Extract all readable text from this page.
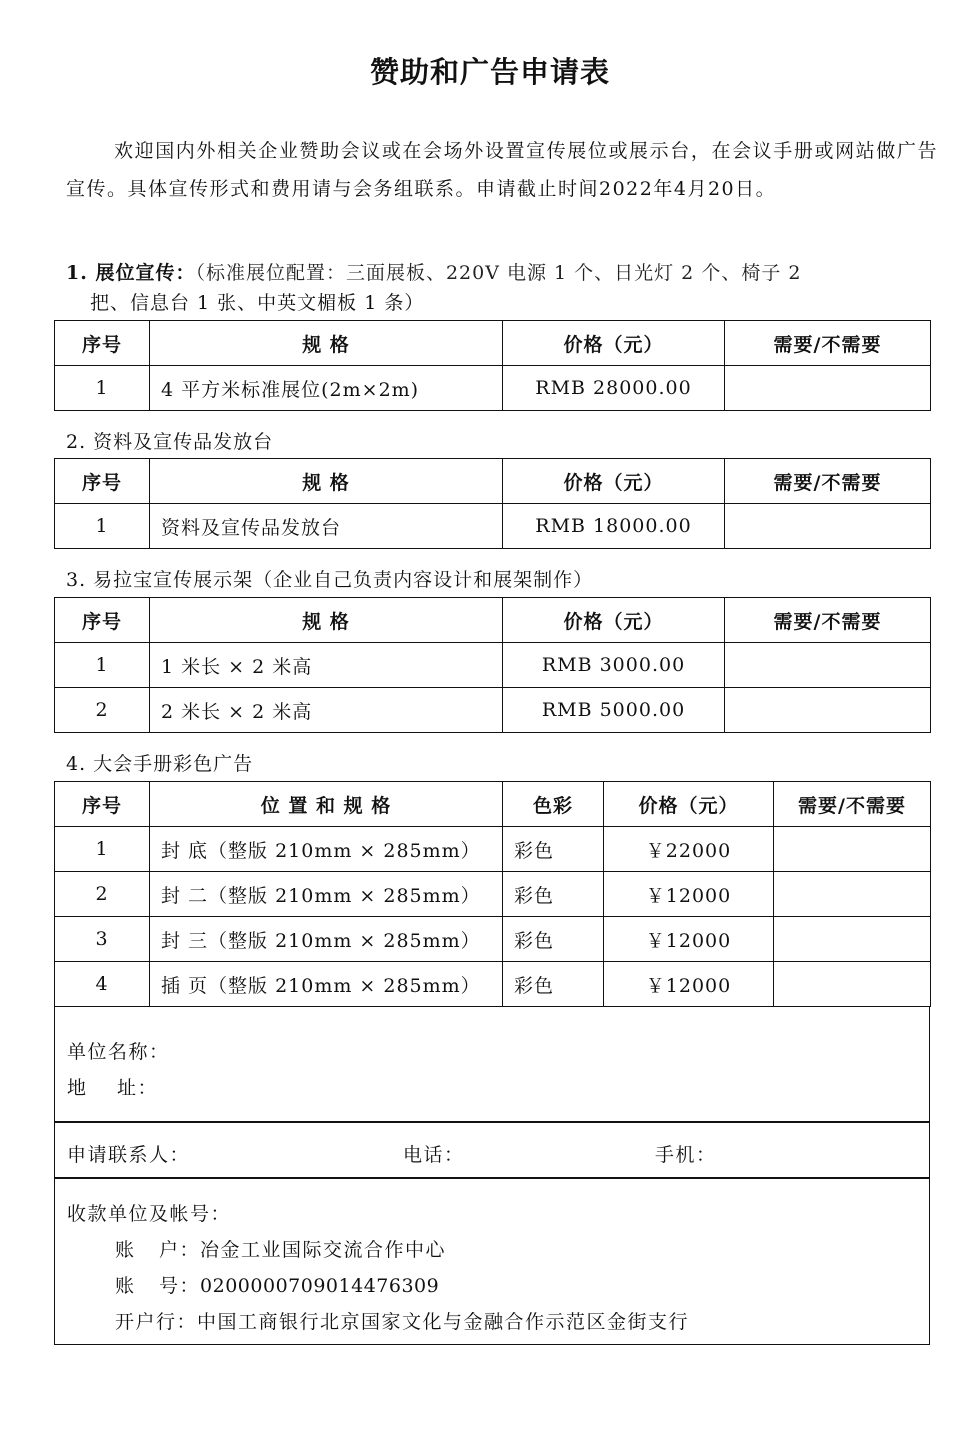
赞助和广告申请表
欢迎国内外相关企业赞助会议或在会场外设置宣传展位或展示台，在会议手册或网站做广告宣传。具体宣传形式和费用请与会务组联系。申请截止时间2022年4月20日。
1. 展位宣传：（标准展位配置：三面展板、220V 电源 1 个、日光灯 2 个、椅子 2
把、信息台 1 张、中英文楣板 1 条）
序号	规 格	价格（元）	需要/不需要
1	4 平方米标准展位(2m×2m)	RMB 28000.00	
2. 资料及宣传品发放台
序号	规 格	价格（元）	需要/不需要
1	资料及宣传品发放台	RMB 18000.00	
3. 易拉宝宣传展示架（企业自己负责内容设计和展架制作）
序号	规 格	价格（元）	需要/不需要
1	1 米长 × 2 米高	RMB 3000.00	
2	2 米长 × 2 米高	RMB 5000.00	
4. 大会手册彩色广告
序号	位 置 和 规 格	色彩	价格（元）	需要/不需要
1	封 底（整版 210mm × 285mm）	彩色	￥22000	
2	封 二（整版 210mm × 285mm）	彩色	￥12000	
3	封 三（整版 210mm × 285mm）	彩色	￥12000	
4	插 页（整版 210mm × 285mm）	彩色	￥12000	
单位名称：
地 址：
申请联系人：	电话：	手机：
收款单位及帐号：
账 户：冶金工业国际交流合作中心
账 号：0200000709014476309
开户行：中国工商银行北京国家文化与金融合作示范区金街支行
